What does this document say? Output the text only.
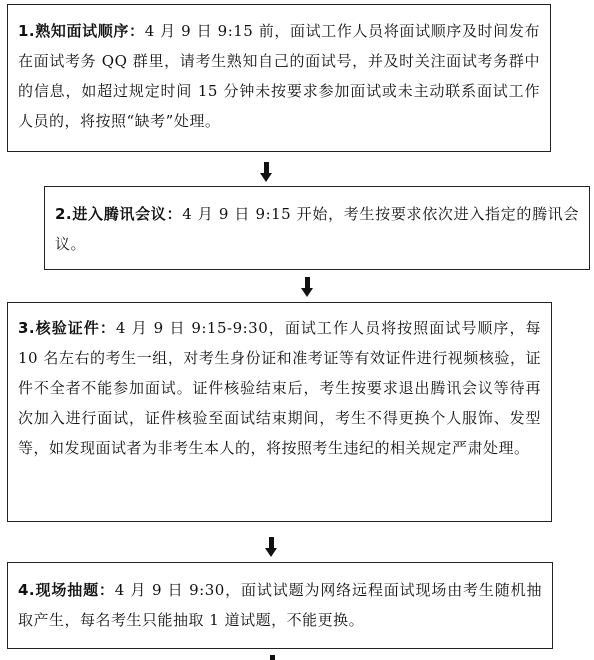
1.熟知面试顺序：4 月 9 日 9:15 前，面试工作人员将面试顺序及时间发布在面试考务 QQ 群里，请考生熟知自己的面试号，并及时关注面试考务群中的信息，如超过规定时间 15 分钟未按要求参加面试或未主动联系面试工作人员的，将按照“缺考”处理。
2.进入腾讯会议：4 月 9 日 9:15 开始，考生按要求依次进入指定的腾讯会议。
3.核验证件：4 月 9 日 9:15-9:30，面试工作人员将按照面试号顺序，每 10 名左右的考生一组，对考生身份证和准考证等有效证件进行视频核验，证件不全者不能参加面试。证件核验结束后，考生按要求退出腾讯会议等待再次加入进行面试，证件核验至面试结束期间，考生不得更换个人服饰、发型等，如发现面试者为非考生本人的，将按照考生违纪的相关规定严肃处理。
4.现场抽题：4 月 9 日 9:30，面试试题为网络远程面试现场由考生随机抽取产生，每名考生只能抽取 1 道试题，不能更换。
